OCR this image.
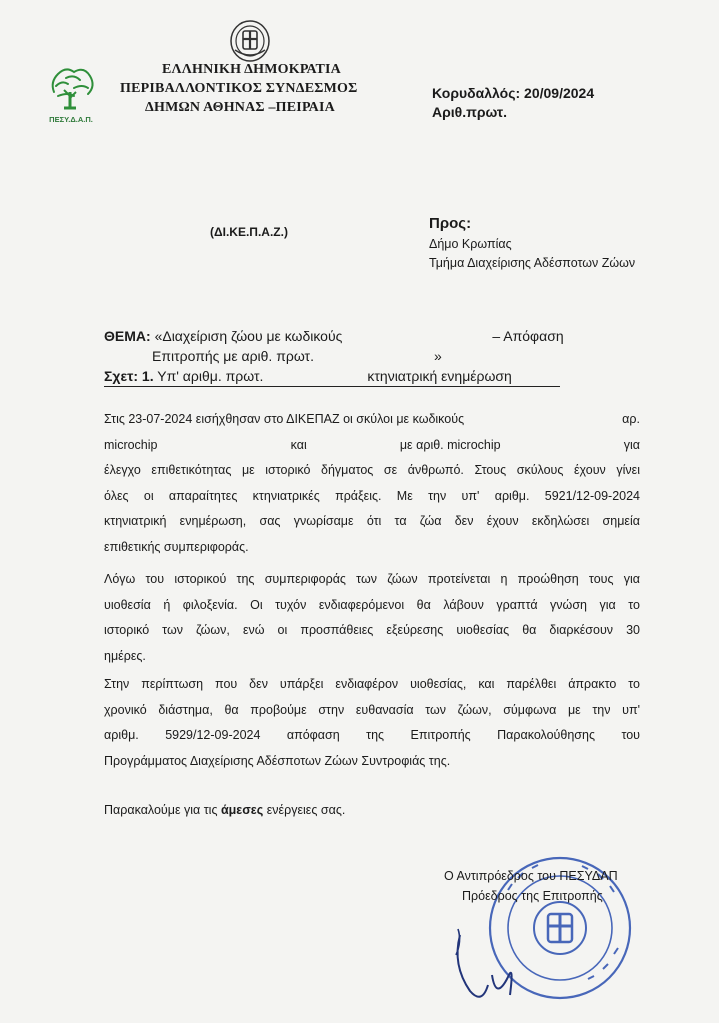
ΠΕΣΥ.Δ.Α.Π.
ΕΛΛΗΝΙΚΗ ΔΗΜΟΚΡΑΤΙΑ
ΠΕΡΙΒΑΛΛΟΝΤΙΚΟΣ ΣΥΝΔΕΣΜΟΣ
ΔΗΜΩΝ ΑΘΗΝΑΣ –ΠΕΙΡΑΙΑ
Κορυδαλλός: 20/09/2024
Αριθ.πρωτ.
(ΔΙ.ΚΕ.Π.Α.Ζ.)	Προς:
Δήμο Κρωπίας
Τμήμα Διαχείρισης Αδέσποτων Ζώων
ΘΕΜΑ: «Διαχείριση ζώου με κωδικούς	– Απόφαση
Επιτροπής με αριθ. πρωτ.	»
Σχετ: 1. Υπ' αριθμ. πρωτ.	κτηνιατρική ενημέρωση
Στις 23-07-2024 εισήχθησαν στο ΔΙΚΕΠΑΖ οι σκύλοι με κωδικούς
	αρ.
microchip
	και
	με αριθ. microchip
	για
έλεγχο επιθετικότητας με ιστορικό δήγματος σε άνθρωπό. Στους σκύλους έχουν γίνει
όλες οι απαραίτητες κτηνιατρικές πράξεις. Με την υπ' αριθμ. 5921/12-09-2024
κτηνιατρική ενημέρωση, σας γνωρίσαμε ότι τα ζώα δεν έχουν εκδηλώσει σημεία
επιθετικής συμπεριφοράς.
Λόγω του ιστορικού της συμπεριφοράς των ζώων προτείνεται η προώθηση τους για
υιοθεσία ή φιλοξενία. Οι τυχόν ενδιαφερόμενοι θα λάβουν γραπτά γνώση για το
ιστορικό των ζώων, ενώ οι προσπάθειες εξεύρεσης υιοθεσίας θα διαρκέσουν 30
ημέρες.
Στην περίπτωση που δεν υπάρξει ενδιαφέρον υιοθεσίας, και παρέλθει άπρακτο το
χρονικό διάστημα, θα προβούμε στην ευθανασία των ζώων, σύμφωνα με την υπ'
αριθμ. 5929/12-09-2024 απόφαση της Επιτροπής Παρακολούθησης του
Προγράμματος Διαχείρισης Αδέσποτων Ζώων Συντροφιάς της.
Παρακαλούμε για τις άμεσες ενέργειες σας.
Ο Αντιπρόεδρος του ΠΕΣΥΔΑΠ
Πρόεδρος της Επιτροπής
